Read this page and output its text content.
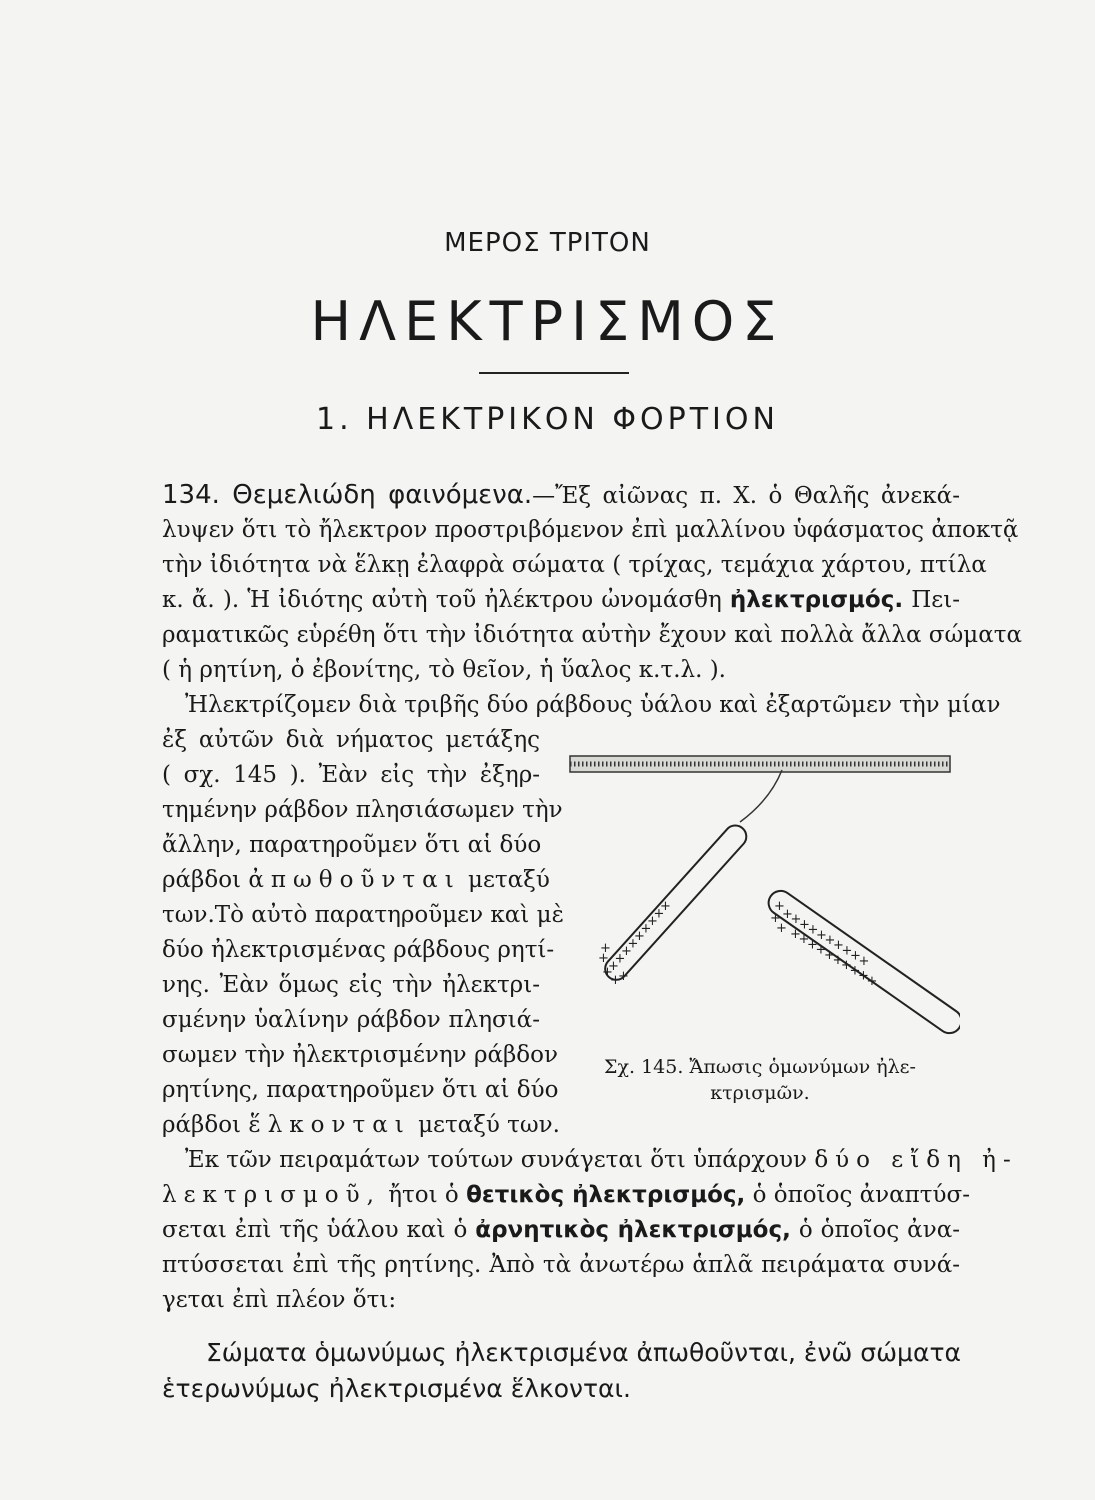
ΜΕΡΟΣ ΤΡΙΤΟΝ
ΗΛΕΚΤΡΙΣΜΟΣ
1. ΗΛΕΚΤΡΙΚΟΝ ΦΟΡΤΙΟΝ
134. Θεμελιώδη φαινόμενα.—Ἔξ αἰῶνας π. Χ. ὁ Θαλῆς ἀνεκά-
λυψεν ὅτι τὸ ἤλεκτρον προστριβόμενον ἐπὶ μαλλίνου ὑφάσματος ἀποκτᾷ
τὴν ἰδιότητα νὰ ἕλκῃ ἐλαφρὰ σώματα ( τρίχας, τεμάχια χάρτου, πτίλα
κ. ἄ. ). Ἡ ἰδιότης αὐτὴ τοῦ ἠλέκτρου ὠνομάσθη ἠλεκτρισμός. Πει-
ραματικῶς εὑρέθη ὅτι τὴν ἰδιότητα αὐτὴν ἔχουν καὶ πολλὰ ἄλλα σώματα
( ἡ ρητίνη, ὁ ἐβονίτης, τὸ θεῖον, ἡ ὕαλος κ.τ.λ. ).
Ἠλεκτρίζομεν διὰ τριβῆς δύο ράβδους ὑάλου καὶ ἐξαρτῶμεν τὴν μίαν
ἐξ αὐτῶν διὰ νήματος μετάξης
( σχ. 145 ). Ἐὰν εἰς τὴν ἐξηρ-
τημένην ράβδον πλησιάσωμεν τὴν
ἄλλην, παρατηροῦμεν ὅτι αἱ δύο
ράβδοι ἀπωθοῦνται μεταξύ
των.Τὸ αὐτὸ παρατηροῦμεν καὶ μὲ
δύο ἠλεκτρισμένας ράβδους ρητί-
νης. Ἐὰν ὅμως εἰς τὴν ἠλεκτρι-
σμένην ὑαλίνην ράβδον πλησιά-
σωμεν τὴν ἠλεκτρισμένην ράβδον
ρητίνης, παρατηροῦμεν ὅτι αἱ δύο
ράβδοι ἕλκονται μεταξύ των.
+
+
+
+
+
+
+
+
+
+
+
+
+
+
+
+
+
+
+
+
+
+
+
+
+
+
+
+
+
+
+
+
+
+
+
+
+
Σχ. 145. Ἄπωσις ὁμωνύμων ἠλε-
κτρισμῶν.
Ἐκ τῶν πειραμάτων τούτων συνάγεται ὅτι ὑπάρχουν δύο εἴδη ἠ-
λεκτρισμοῦ, ἤτοι ὁ θετικὸς ἠλεκτρισμός, ὁ ὁποῖος ἀναπτύσ-
σεται ἐπὶ τῆς ὑάλου καὶ ὁ ἀρνητικὸς ἠλεκτρισμός, ὁ ὁποῖος ἀνα-
πτύσσεται ἐπὶ τῆς ρητίνης. Ἀπὸ τὰ ἀνωτέρω ἁπλᾶ πειράματα συνά-
γεται ἐπὶ πλέον ὅτι:
Σώματα ὁμωνύμως ἠλεκτρισμένα ἀπωθοῦνται, ἐνῶ σώματα
ἑτερωνύμως ἠλεκτρισμένα ἕλκονται.
